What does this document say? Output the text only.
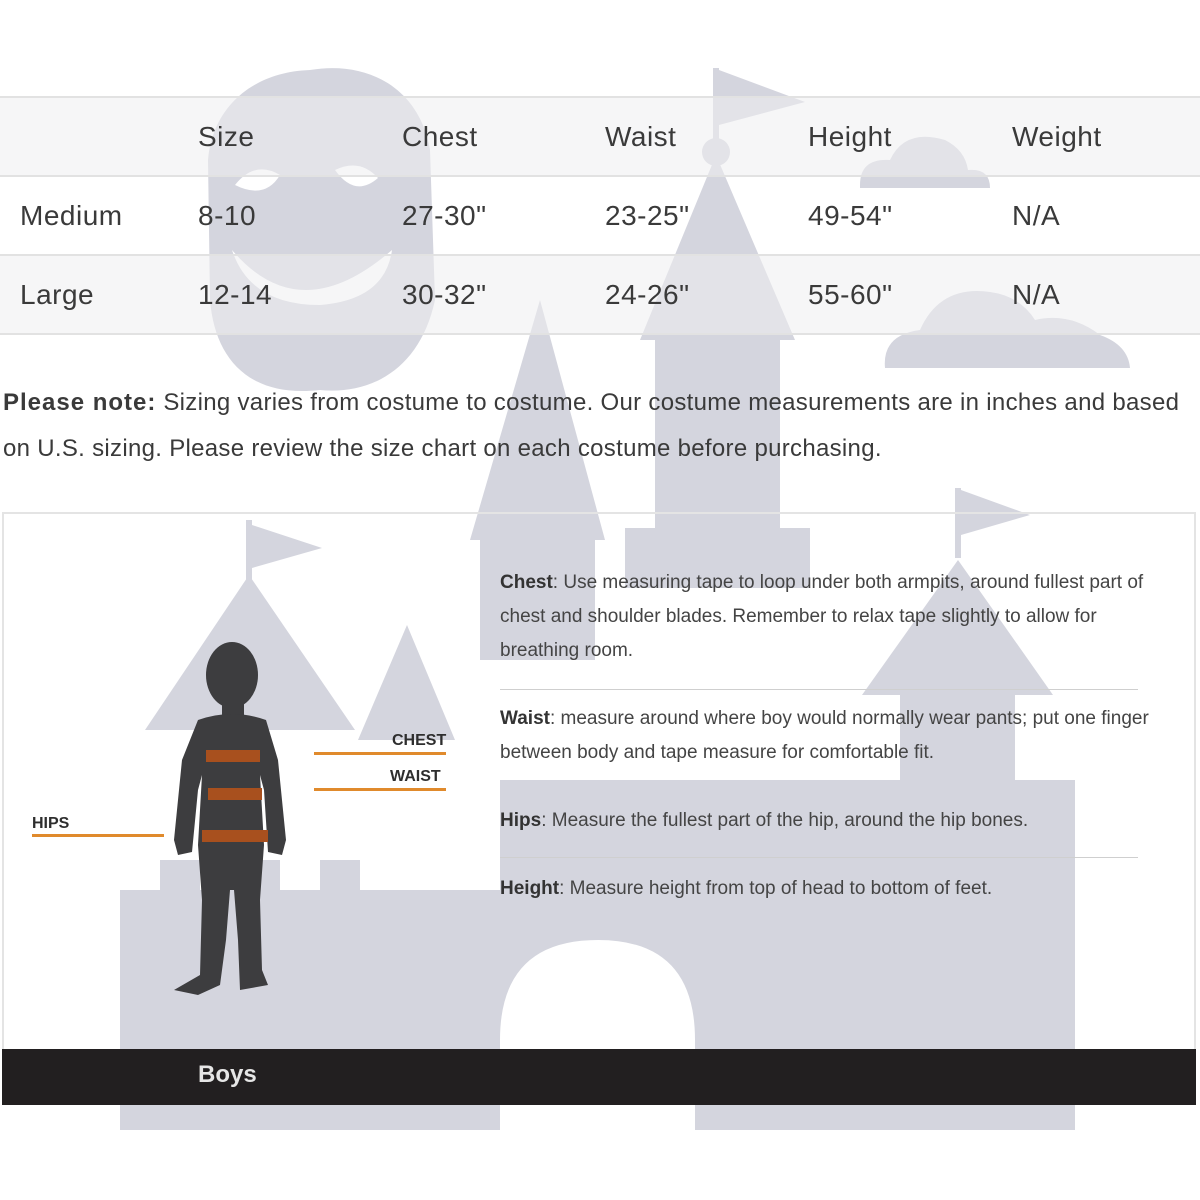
	Size	Chest	Waist	Height	Weight
Medium	8-10	27-30"	23-25"	49-54"	N/A
Large	12-14	30-32"	24-26"	55-60"	N/A
Please note: Sizing varies from costume to costume. Our costume measurements are in inches and based on U.S. sizing. Please review the size chart on each costume before purchasing.
CHEST
WAIST
HIPS
Chest: Use measuring tape to loop under both armpits, around fullest part of chest and shoulder blades. Remember to relax tape slightly to allow for breathing room.
Waist: measure around where boy would normally wear pants; put one finger between body and tape measure for comfortable fit.
Hips: Measure the fullest part of the hip, around the hip bones.
Height: Measure height from top of head to bottom of feet.
Boys
